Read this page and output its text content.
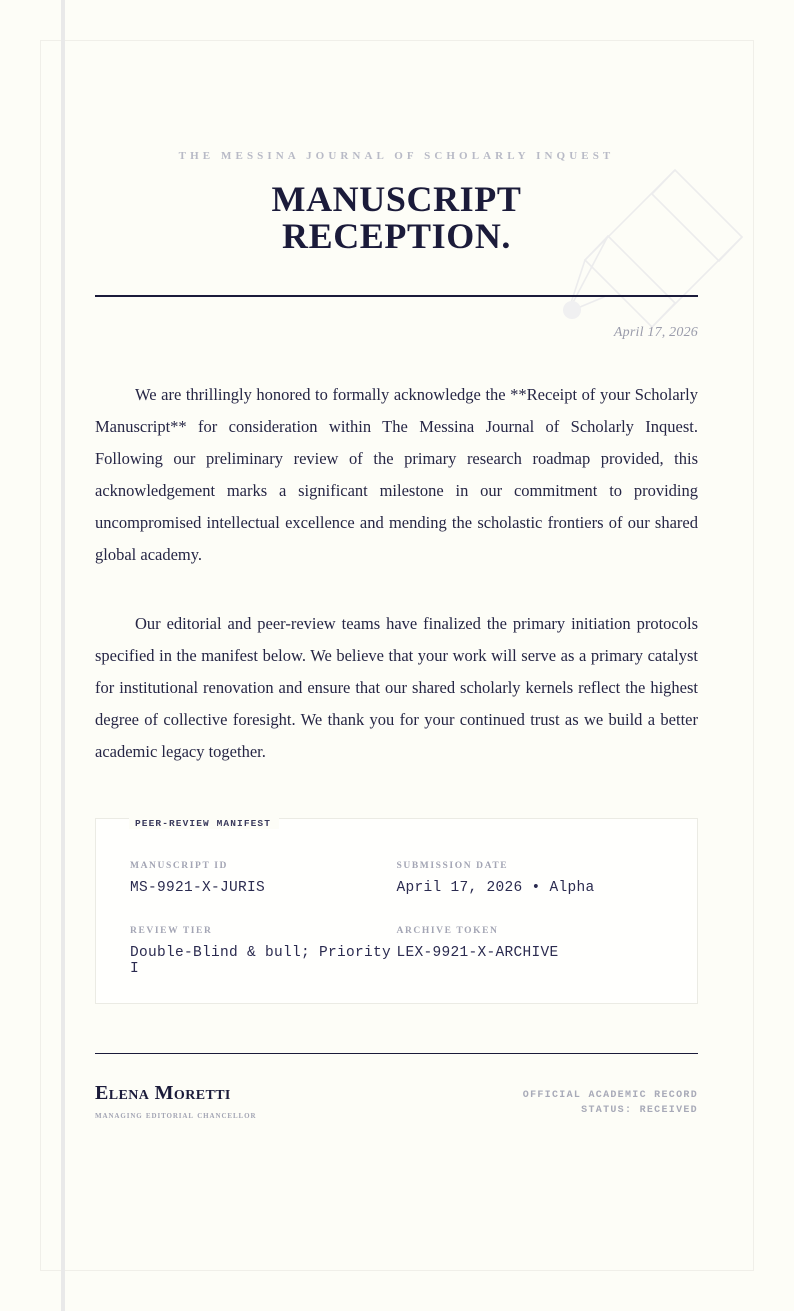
THE MESSINA JOURNAL OF SCHOLARLY INQUEST
MANUSCRIPT
RECEPTION.
April 17, 2026

We are thrillingly honored to formally acknowledge the **Receipt of your Scholarly Manuscript** for consideration within The Messina Journal of Scholarly Inquest. Following our preliminary review of the primary research roadmap provided, this acknowledgement marks a significant milestone in our commitment to providing uncompromised intellectual excellence and mending the scholastic frontiers of our shared global academy.

Our editorial and peer-review teams have finalized the primary initiation protocols specified in the manifest below. We believe that your work will serve as a primary catalyst for institutional renovation and ensure that our shared scholarly kernels reflect the highest degree of collective foresight. We thank you for your continued trust as we build a better academic legacy together.

PEER-REVIEW MANIFEST
MANUSCRIPT ID
MS-9921-X-JURIS
SUBMISSION DATE
April 17, 2026 • Alpha
REVIEW TIER
Double-Blind & bull; Priority I
ARCHIVE TOKEN
LEX-9921-X-ARCHIVE
Elena Moretti
managing editorial chancellor
OFFICIAL ACADEMIC RECORD
STATUS: RECEIVED
